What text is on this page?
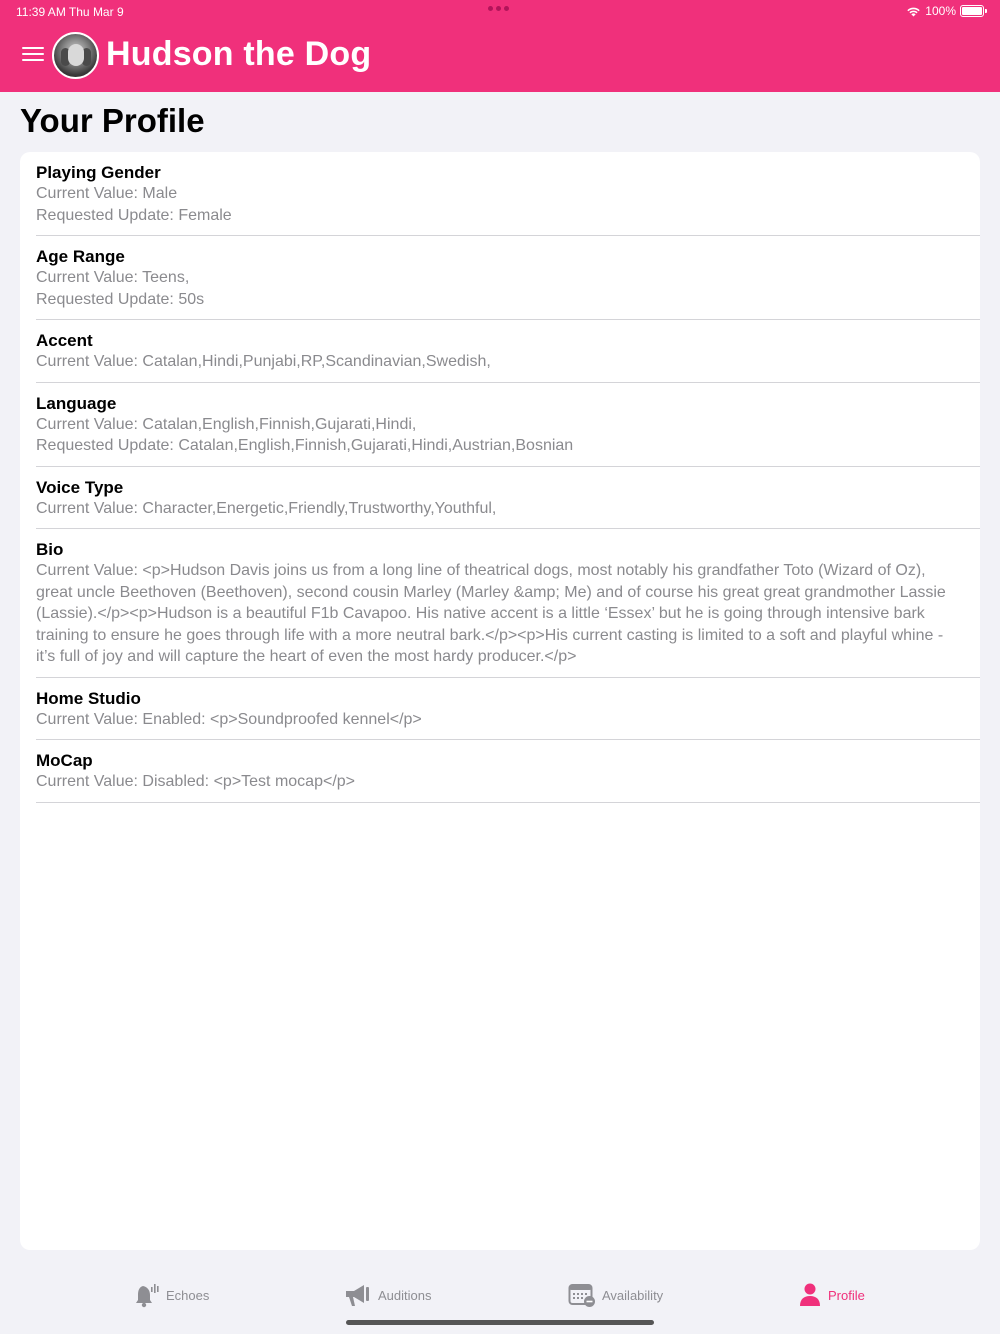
11:39 AM Thu Mar 9	100%
Hudson the Dog
Your Profile
Playing Gender
Current Value: Male
Requested Update: Female
Age Range
Current Value: Teens,
Requested Update: 50s
Accent
Current Value: Catalan,Hindi,Punjabi,RP,Scandinavian,Swedish,
Language
Current Value: Catalan,English,Finnish,Gujarati,Hindi,
Requested Update: Catalan,English,Finnish,Gujarati,Hindi,Austrian,Bosnian
Voice Type
Current Value: Character,Energetic,Friendly,Trustworthy,Youthful,
Bio
Current Value: <p>Hudson Davis joins us from a long line of theatrical dogs, most notably his grandfather Toto (Wizard of Oz), great uncle Beethoven (Beethoven), second cousin Marley (Marley &amp; Me) and of course his great great grandmother Lassie (Lassie).</p><p>Hudson is a beautiful F1b Cavapoo. His native accent is a little ‘Essex’ but he is going through intensive bark training to ensure he goes through life with a more neutral bark.</p><p>His current casting is limited to a soft and playful whine - it’s full of joy and will capture the heart of even the most hardy producer.</p>
Home Studio
Current Value: Enabled: <p>Soundproofed kennel</p>
MoCap
Current Value: Disabled: <p>Test mocap</p>
Echoes	Auditions	Availability	Profile
